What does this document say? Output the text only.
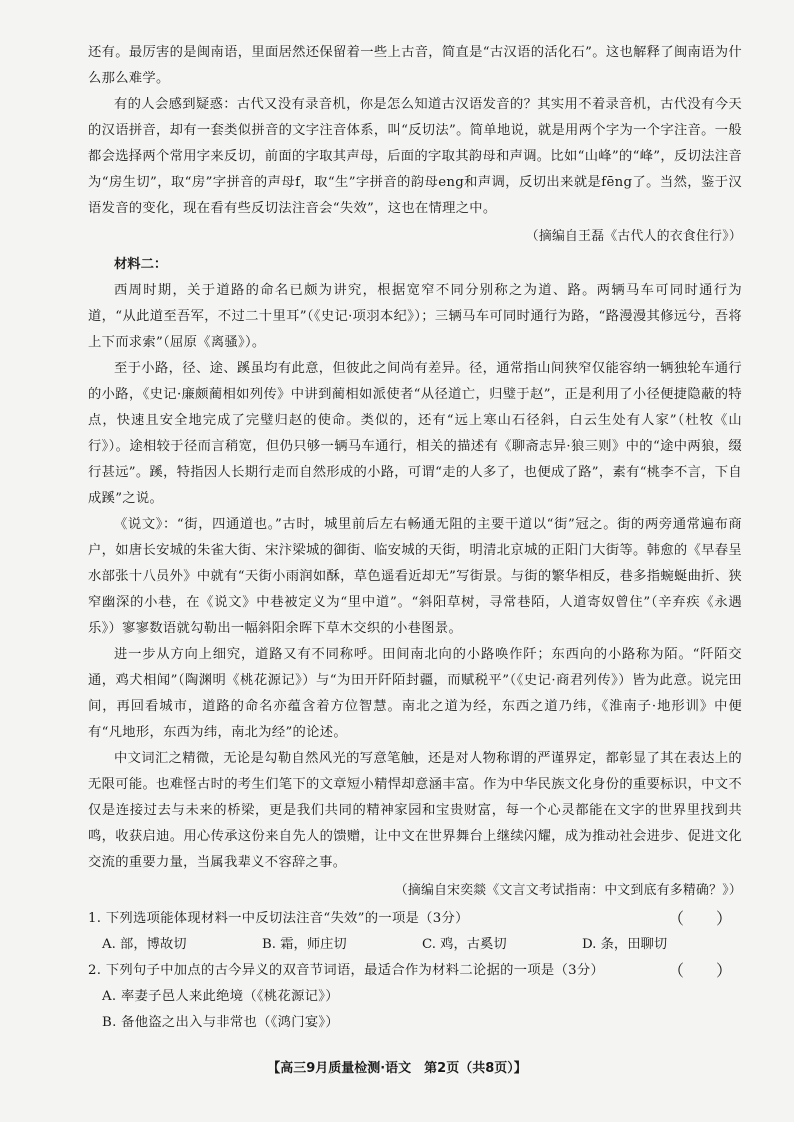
还有。最厉害的是闽南语，里面居然还保留着一些上古音，简直是“古汉语的活化石”。这也解释了闽南语为什么那么难学。

有的人会感到疑惑：古代又没有录音机，你是怎么知道古汉语发音的？其实用不着录音机，古代没有今天的汉语拼音，却有一套类似拼音的文字注音体系，叫“反切法”。简单地说，就是用两个字为一个字注音。一般都会选择两个常用字来反切，前面的字取其声母，后面的字取其韵母和声调。比如“山峰”的“峰”，反切法注音为“房生切”，取“房”字拼音的声母f，取“生”字拼音的韵母eng和声调，反切出来就是fēng了。当然，鉴于汉语发音的变化，现在看有些反切法注音会“失效”，这也在情理之中。

（摘编自王磊《古代人的衣食住行》）

材料二：

西周时期，关于道路的命名已颇为讲究，根据宽窄不同分别称之为道、路。两辆马车可同时通行为道，“从此道至吾军，不过二十里耳”（《史记·项羽本纪》）；三辆马车可同时通行为路，“路漫漫其修远兮，吾将上下而求索”（屈原《离骚》）。

至于小路，径、途、蹊虽均有此意，但彼此之间尚有差异。径，通常指山间狭窄仅能容纳一辆独轮车通行的小路，《史记·廉颇蔺相如列传》中讲到蔺相如派使者“从径道亡，归璧于赵”，正是利用了小径便捷隐蔽的特点，快速且安全地完成了完璧归赵的使命。类似的，还有“远上寒山石径斜，白云生处有人家”（杜牧《山行》）。途相较于径而言稍宽，但仍只够一辆马车通行，相关的描述有《聊斋志异·狼三则》中的“途中两狼，缀行甚远”。蹊，特指因人长期行走而自然形成的小路，可谓“走的人多了，也便成了路”，素有“桃李不言，下自成蹊”之说。

《说文》：“街，四通道也。”古时，城里前后左右畅通无阻的主要干道以“街”冠之。街的两旁通常遍布商户，如唐长安城的朱雀大街、宋汴梁城的御街、临安城的天街，明清北京城的正阳门大街等。韩愈的《早春呈水部张十八员外》中就有“天街小雨润如酥，草色遥看近却无”写街景。与街的繁华相反，巷多指蜿蜒曲折、狭窄幽深的小巷，在《说文》中巷被定义为“里中道”。“斜阳草树，寻常巷陌，人道寄奴曾住”（辛弃疾《永遇乐》）寥寥数语就勾勒出一幅斜阳余晖下草木交织的小巷图景。

进一步从方向上细究，道路又有不同称呼。田间南北向的小路唤作阡；东西向的小路称为陌。“阡陌交通，鸡犬相闻”（陶渊明《桃花源记》）与“为田开阡陌封疆，而赋税平”（《史记·商君列传》）皆为此意。说完田间，再回看城市，道路的命名亦蕴含着方位智慧。南北之道为经，东西之道乃纬，《淮南子·地形训》中便有“凡地形，东西为纬，南北为经”的论述。

中文词汇之精微，无论是勾勒自然风光的写意笔触，还是对人物称谓的严谨界定，都彰显了其在表达上的无限可能。也难怪古时的考生们笔下的文章短小精悍却意涵丰富。作为中华民族文化身份的重要标识，中文不仅是连接过去与未来的桥梁，更是我们共同的精神家园和宝贵财富，每一个心灵都能在文字的世界里找到共鸣，收获启迪。用心传承这份来自先人的馈赠，让中文在世界舞台上继续闪耀，成为推动社会进步、促进文化交流的重要力量，当属我辈义不容辞之事。

（摘编自宋奕燚《文言文考试指南：中文到底有多精确？》）

1. 下列选项能体现材料一中反切法注音“失效”的一项是（3分）	（　　）
A. 部，博故切	B. 霜，师庄切	C. 鸡，古奚切	D. 条，田聊切

2. 下列句子中加点的古今异义的双音节词语，最适合作为材料二论据的一项是（3分）	（　　）

A. 率妻子邑人来此绝境（《桃花源记》）

B. 备他盗之出入与非常也（《鸿门宴》）

【高三9月质量检测·语文　第2页（共8页）】
